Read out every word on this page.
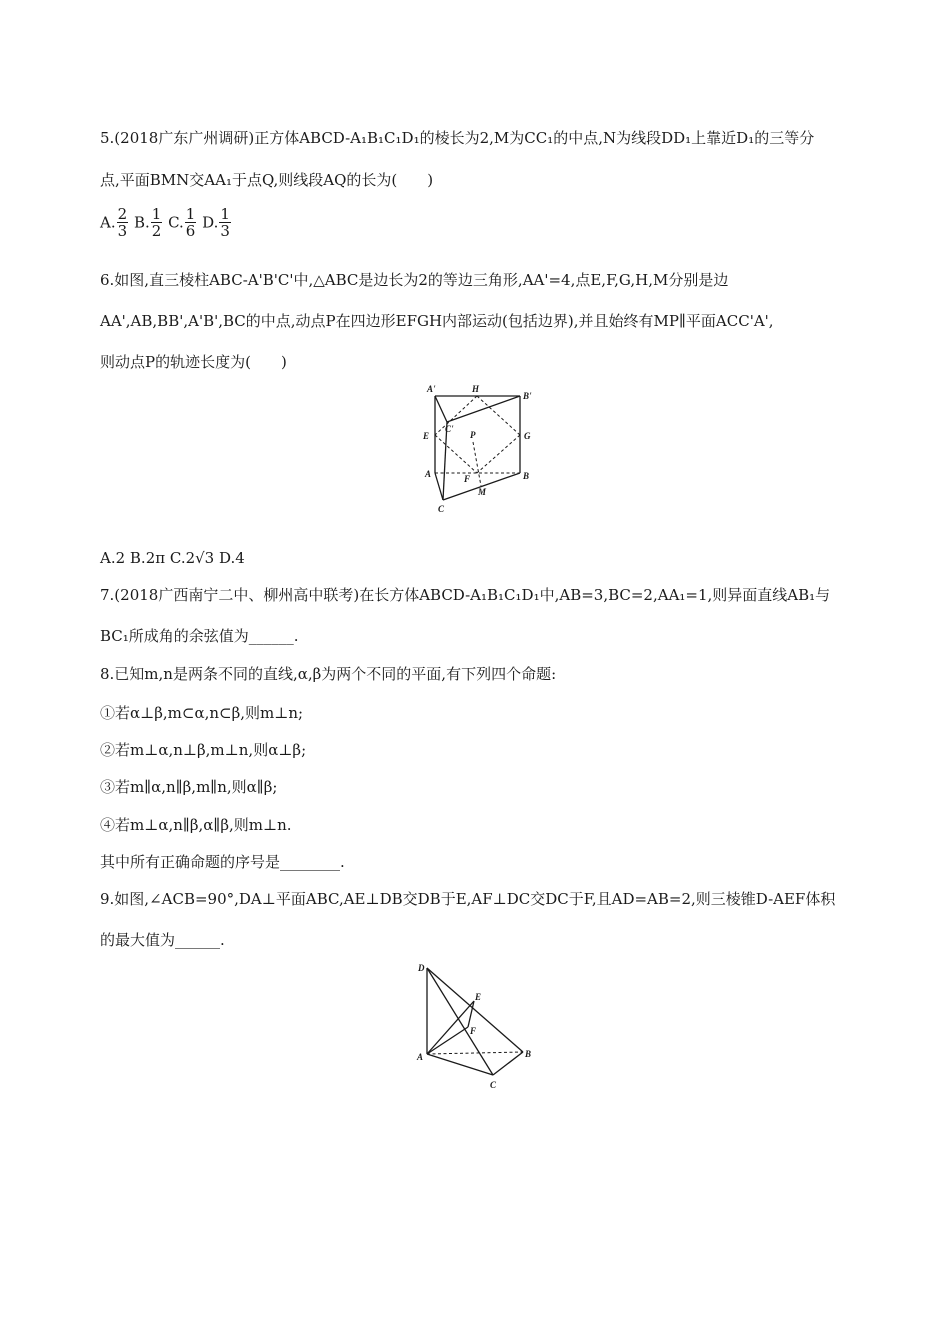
5.(2018广东广州调研)正方体ABCD-A₁B₁C₁D₁的棱长为2,M为CC₁的中点,N为线段DD₁上靠近D₁的三等分
点,平面BMN交AA₁于点Q,则线段AQ的长为(　　)
A. $\frac{2}{3} B$. $\frac{1}{2} C$. $\frac{1}{6} D$. $\frac{1}{3}$
6.如图,直三棱柱ABC-A'B'C'中,△ABC是边长为2的等边三角形,AA'=4,点E,F,G,H,M分别是边
AA',AB,BB',A'B',BC的中点,动点P在四边形EFGH内部运动(包括边界),并且始终有MP∥平面ACC'A',
则动点P的轨迹长度为(　　)
A'	H
B'
C'
E	P	G
A	F	B
M
C
A.2 B.2π C.2√3 D.4
7.(2018广西南宁二中、柳州高中联考)在长方体ABCD-A₁B₁C₁D₁中,AB=3,BC=2,AA₁=1,则异面直线AB₁与
BC₁所成角的余弦值为______.
8.已知m,n是两条不同的直线,α,β为两个不同的平面,有下列四个命题:
①若α⊥β,m⊂α,n⊂β,则m⊥n;
②若m⊥α,n⊥β,m⊥n,则α⊥β;
③若m∥α,n∥β,m∥n,则α∥β;
④若m⊥α,n∥β,α∥β,则m⊥n.
其中所有正确命题的序号是________.
9.如图,∠ACB=90°,DA⊥平面ABC,AE⊥DB交DB于E,AF⊥DC交DC于F,且AD=AB=2,则三棱锥D-AEF体积
的最大值为______.
D
E
F
A	B
C
